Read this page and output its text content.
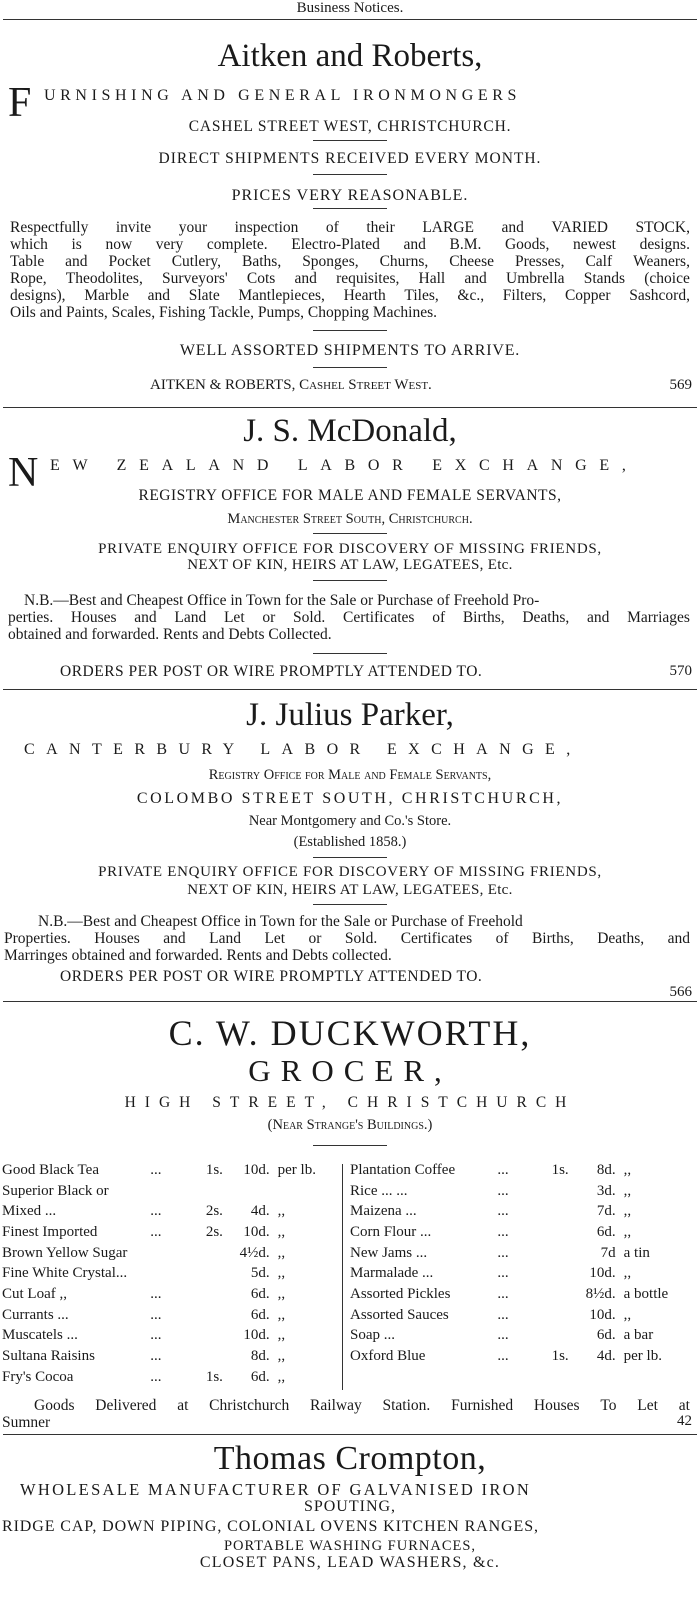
Business Notices.
Aitken and Roberts,
F URNISHING AND GENERAL IRONMONGERS
CASHEL STREET WEST, CHRISTCHURCH.
DIRECT SHIPMENTS RECEIVED EVERY MONTH.
PRICES VERY REASONABLE.
Respectfully invite your inspection of their LARGE and VARIED STOCK,
which is now very complete. Electro-Plated and B.M. Goods, newest designs.
Table and Pocket Cutlery, Baths, Sponges, Churns, Cheese Presses, Calf Weaners,
Rope, Theodolites, Surveyors' Cots and requisites, Hall and Umbrella Stands (choice
designs), Marble and Slate Mantlepieces, Hearth Tiles, &c., Filters, Copper Sashcord,
Oils and Paints, Scales, Fishing Tackle, Pumps, Chopping Machines.
WELL ASSORTED SHIPMENTS TO ARRIVE.
AITKEN & ROBERTS, Cashel Street West.	569
J. S. McDonald,
N EW ZEALAND LABOR EXCHANGE,
REGISTRY OFFICE FOR MALE AND FEMALE SERVANTS,
Manchester Street South, Christchurch.
PRIVATE ENQUIRY OFFICE FOR DISCOVERY OF MISSING FRIENDS,
NEXT OF KIN, HEIRS AT LAW, LEGATEES, Etc.
N.B.—Best and Cheapest Office in Town for the Sale or Purchase of Freehold Pro-
perties. Houses and Land Let or Sold. Certificates of Births, Deaths, and Marriages
obtained and forwarded. Rents and Debts Collected.
ORDERS PER POST OR WIRE PROMPTLY ATTENDED TO.	570
J. Julius Parker,
CANTERBURY LABOR EXCHANGE,
Registry Office for Male and Female Servants,
COLOMBO STREET SOUTH, CHRISTCHURCH,
Near Montgomery and Co.'s Store.
(Established 1858.)
PRIVATE ENQUIRY OFFICE FOR DISCOVERY OF MISSING FRIENDS,
NEXT OF KIN, HEIRS AT LAW, LEGATEES, Etc.
N.B.—Best and Cheapest Office in Town for the Sale or Purchase of Freehold
Properties. Houses and Land Let or Sold. Certificates of Births, Deaths, and
Marringes obtained and forwarded. Rents and Debts collected.
ORDERS PER POST OR WIRE PROMPTLY ATTENDED TO.
566
C. W. DUCKWORTH,
GROCER,
HIGH STREET, CHRISTCHURCH
(Near Strange's Buildings.)
Good Black Tea	...	1s.	10d.	per lb.
Superior Black or				
Mixed ...	...	2s.	4d.	,,
Finest Imported	...	2s.	10d.	,,
Brown Yellow Sugar			4½d.	,,
Fine White Crystal...			5d.	,,
Cut Loaf ,,	...		6d.	,,
Currants ...	...		6d.	,,
Muscatels ...	...		10d.	,,
Sultana Raisins	...		8d.	,,
Fry's Cocoa	...	1s.	6d.	,,
Plantation Coffee	...	1s.	8d.	,,
Rice ... ...	...		3d.	,,
Maizena ...	...		7d.	,,
Corn Flour ...	...		6d.	,,
New Jams ...	...		7d	a tin
Marmalade ...	...		10d.	,,
Assorted Pickles	...		8½d.	a bottle
Assorted Sauces	...		10d.	,,
Soap ...	...		6d.	a bar
Oxford Blue	...	1s.	4d.	per lb.

Goods Delivered at Christchurch Railway Station. Furnished Houses To Let at
Sumner	42
Thomas Crompton,
WHOLESALE MANUFACTURER OF GALVANISED IRON
SPOUTING,
RIDGE CAP, DOWN PIPING, COLONIAL OVENS KITCHEN RANGES,
PORTABLE WASHING FURNACES,
CLOSET PANS, LEAD WASHERS, &c.
